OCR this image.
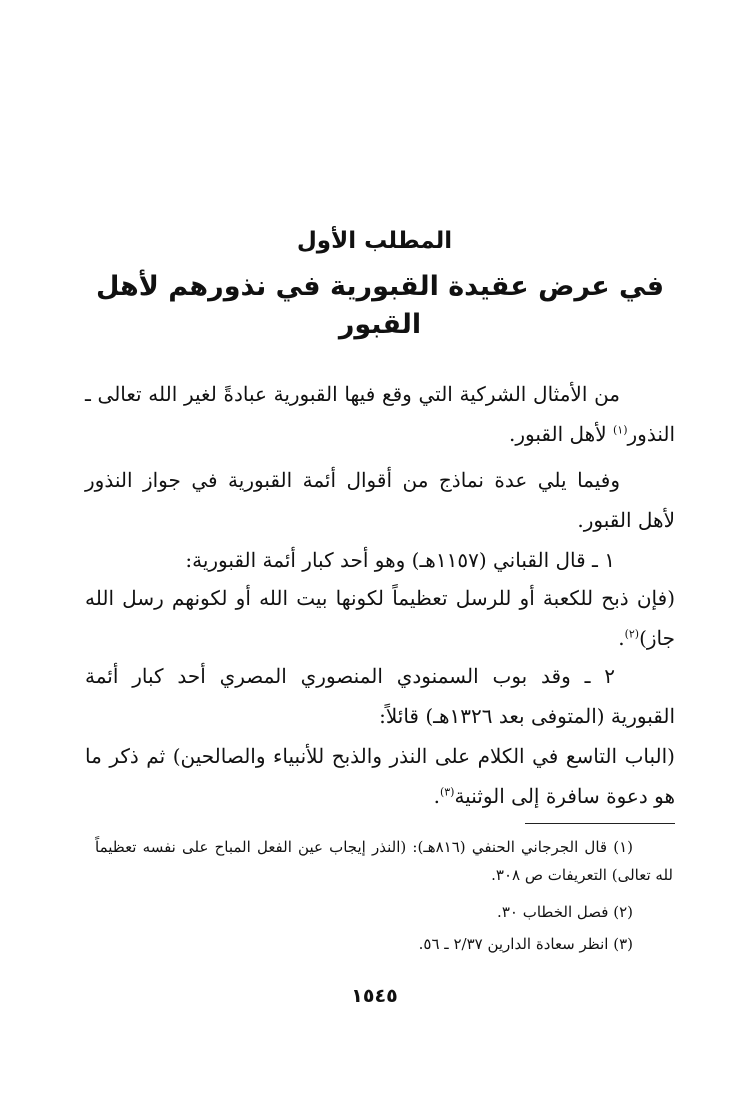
المطلب الأول
في عرض عقيدة القبورية في نذورهم لأهل القبور
من الأمثال الشركية التي وقع فيها القبورية عبادةً لغير الله تعالى ـ النذور$^{(١)}$ لأهل القبور.
وفيما يلي عدة نماذج من أقوال أئمة القبورية في جواز النذور لأهل القبور.
١ ـ قال القباني (١١٥٧هـ) وهو أحد كبار أئمة القبورية:
(فإن ذبح للكعبة أو للرسل تعظيماً لكونها بيت الله أو لكونهم رسل الله جاز)$^{(٢)}$.
٢ ـ وقد بوب السمنودي المنصوري المصري أحد كبار أئمة القبورية (المتوفى بعد ١٣٢٦هـ) قائلاً:
(الباب التاسع في الكلام على النذر والذبح للأنبياء والصالحين) ثم ذكر ما هو دعوة سافرة إلى الوثنية$^{(٣)}$.
(١) قال الجرجاني الحنفي (٨١٦هـ): (النذر إيجاب عين الفعل المباح على نفسه تعظيماً لله تعالى) التعريفات ص ٣٠٨.
(٢) فصل الخطاب ٣٠.
(٣) انظر سعادة الدارين ٢/٣٧ ـ ٥٦.
١٥٤٥
